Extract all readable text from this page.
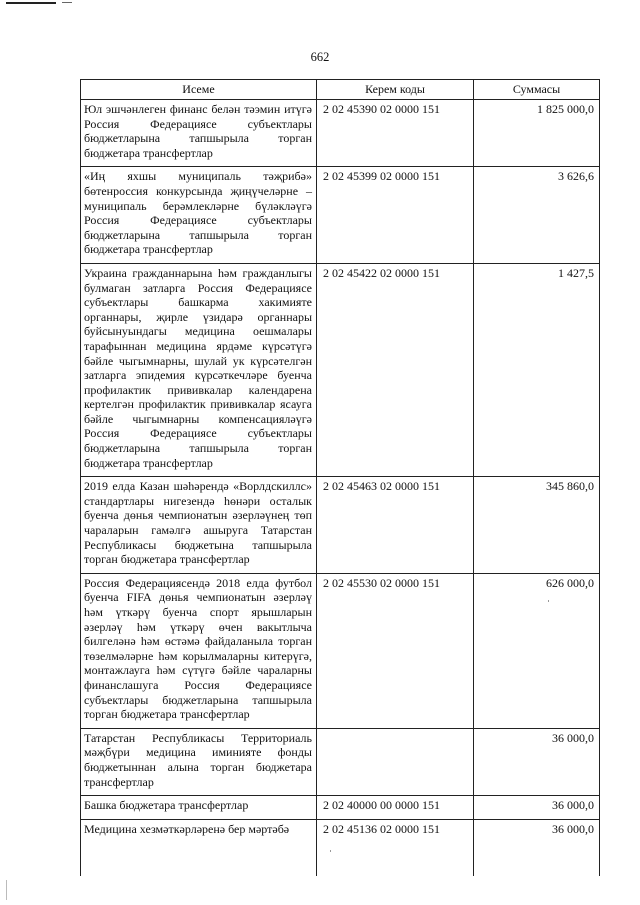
662
Исеме	Керем коды	Суммасы
Юл эшчәнлеген финанс белән тәэмин итүгә Россия Федерациясе субъектлары бюджетларына тапшырыла торган бюджетара трансфертлар	2 02 45390 02 0000 151	1 825 000,0
«Иң яхшы муниципаль тәҗрибә» бөтенроссия конкурсында җиңүчеләрне – муниципаль берәмлекләрне бүләкләүгә Россия Федерациясе субъектлары бюджетларына тапшырыла торган бюджетара трансфертлар	2 02 45399 02 0000 151	3 626,6
Украина гражданнарына һәм гражданлыгы булмаган затларга Россия Федерациясе субъектлары башкарма хакимияте органнары, җирле үзидарә органнары буйсынуындагы медицина оешмалары тарафыннан медицина ярдәме күрсәтүгә бәйле чыгымнарны, шулай ук күрсәтелгән затларга эпидемия күрсәткечләре буенча профилактик прививкалар календарена кертелгән профилактик прививкалар ясауга бәйле чыгымнарны компенсацияләүгә Россия Федерациясе субъектлары бюджетларына тапшырыла торган бюджетара трансфертлар	2 02 45422 02 0000 151	1 427,5
2019 елда Казан шәһәрендә «Ворлдскиллс» стандартлары нигезендә һөнәри осталык буенча дөнья чемпионатын әзерләүнең төп чараларын гамәлгә ашыруга Татарстан Республикасы бюджетына тапшырыла торган бюджетара трансфертлар	2 02 45463 02 0000 151	345 860,0
Россия Федерациясендә 2018 елда футбол буенча FIFA дөнья чемпионатын әзерләү һәм үткәрү буенча спорт ярышларын әзерләү һәм үткәрү өчен вакытлыча билгеләнә һәм өстәмә файдаланыла торган төзелмәләрне һәм корылмаларны китерүгә, монтажлауга һәм сүтүгә бәйле чараларны финанслашуга Россия Федерациясе субъектлары бюджетларына тапшырыла торган бюджетара трансфертлар	2 02 45530 02 0000 151	626 000,0
Татарстан Республикасы Территориаль мәҗбүри медицина иминияте фонды бюджетыннан алына торган бюджетара трансфертлар		36 000,0
Башка бюджетара трансфертлар	2 02 40000 00 0000 151	36 000,0
Медицина хезмәткәрләренә бер мәртәбә	2 02 45136 02 0000 151	36 000,0
